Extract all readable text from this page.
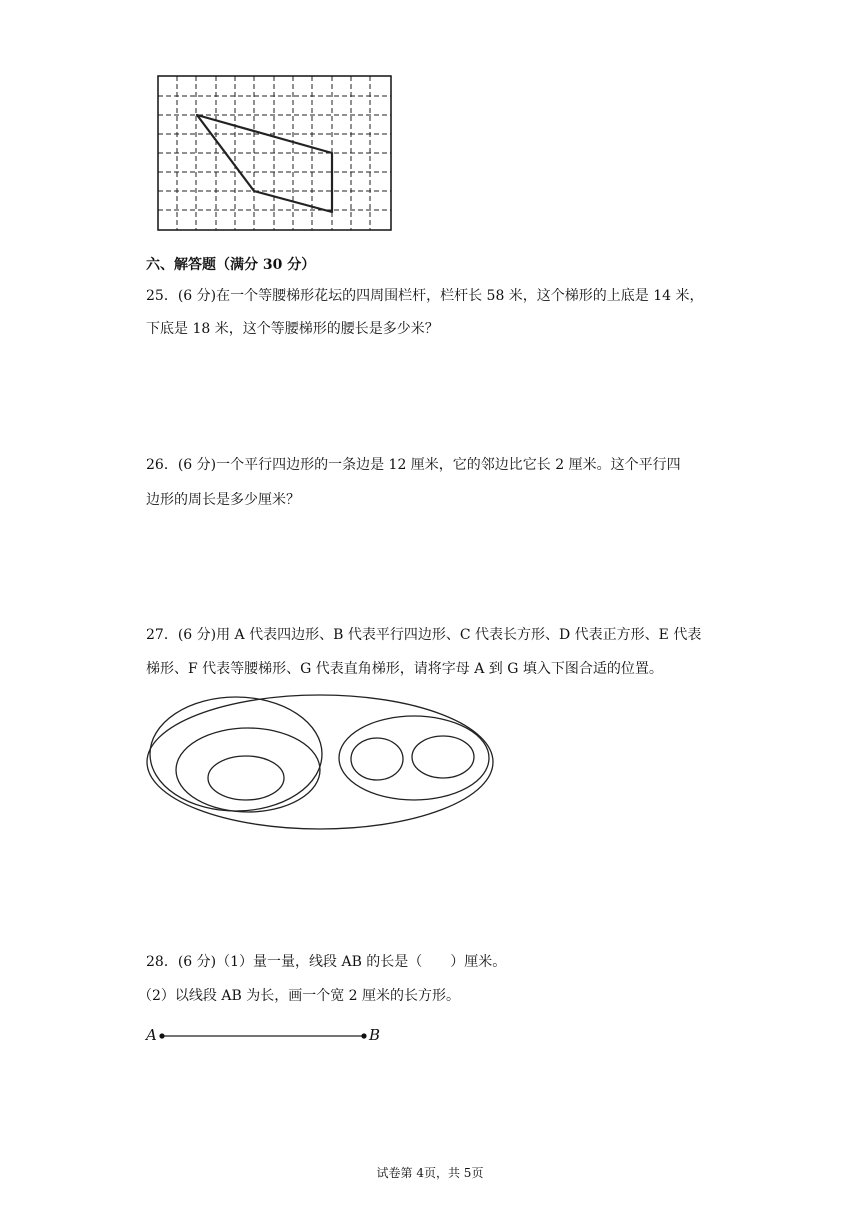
六、解答题（满分 30 分）
25．(6 分)在一个等腰梯形花坛的四周围栏杆，栏杆长 58 米，这个梯形的上底是 14 米，
下底是 18 米，这个等腰梯形的腰长是多少米？
26．(6 分)一个平行四边形的一条边是 12 厘米，它的邻边比它长 2 厘米。这个平行四
边形的周长是多少厘米？
27．(6 分)用 A 代表四边形、B 代表平行四边形、C 代表长方形、D 代表正方形、E 代表
梯形、F 代表等腰梯形、G 代表直角梯形，请将字母 A 到 G 填入下图合适的位置。
28．(6 分)（1）量一量，线段 AB 的长是（　　）厘米。
（2）以线段 AB 为长，画一个宽 2 厘米的长方形。
A	B
试卷第 4页，共 5页
